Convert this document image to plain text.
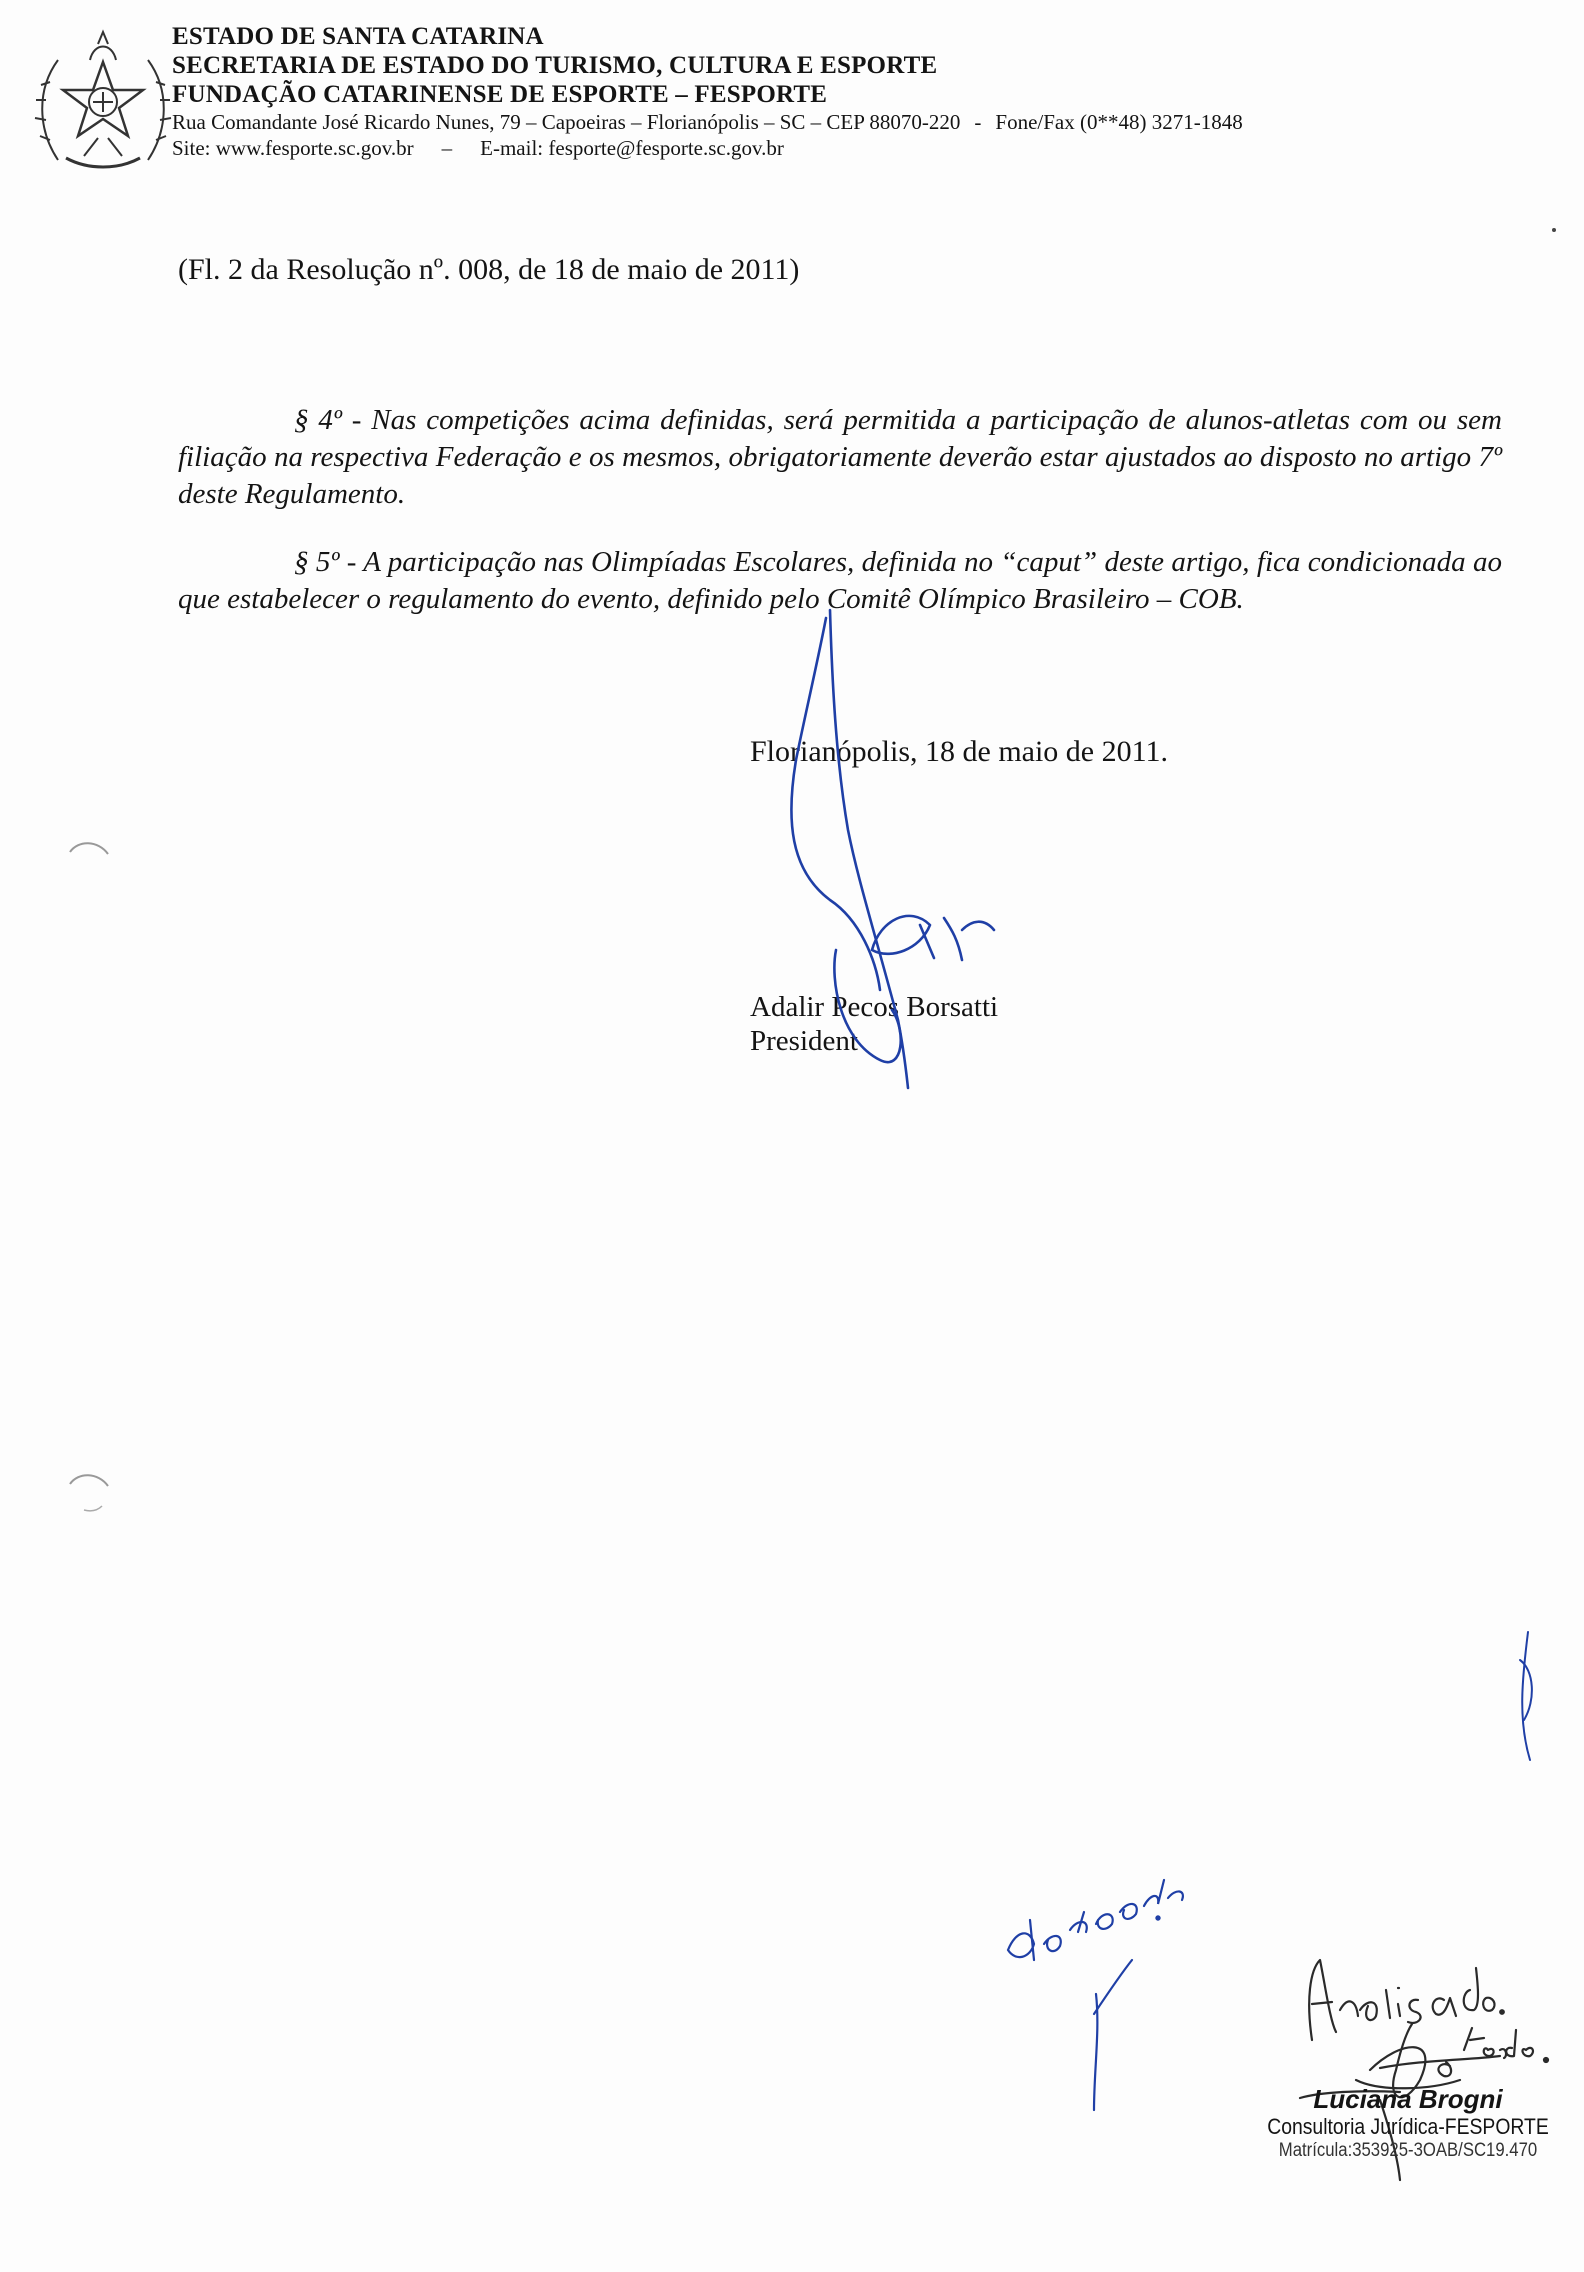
ESTADO DE SANTA CATARINA
SECRETARIA DE ESTADO DO TURISMO, CULTURA E ESPORTE
FUNDAÇÃO CATARINENSE DE ESPORTE – FESPORTE
Rua Comandante José Ricardo Nunes, 79 – Capoeiras – Florianópolis – SC – CEP 88070-220 - Fone/Fax (0**48) 3271-1848
Site: www.fesporte.sc.gov.br – E-mail: fesporte@fesporte.sc.gov.br
(Fl. 2 da Resolução nº. 008, de 18 de maio de 2011)

§ 4º - Nas competições acima definidas, será permitida a participação de alunos-atletas com ou sem filiação na respectiva Federação e os mesmos, obrigatoriamente deverão estar ajustados ao disposto no artigo 7º deste Regulamento.

§ 5º - A participação nas Olimpíadas Escolares, definida no “caput” deste artigo, fica condicionada ao que estabelecer o regulamento do evento, definido pelo Comitê Olímpico Brasileiro – COB.

Florianópolis, 18 de maio de 2011.
Adalir Pecos Borsatti
President
Luciana Brogni
Consultoria Jurídica-FESPORTE
Matrícula:353925-3OAB/SC19.470
